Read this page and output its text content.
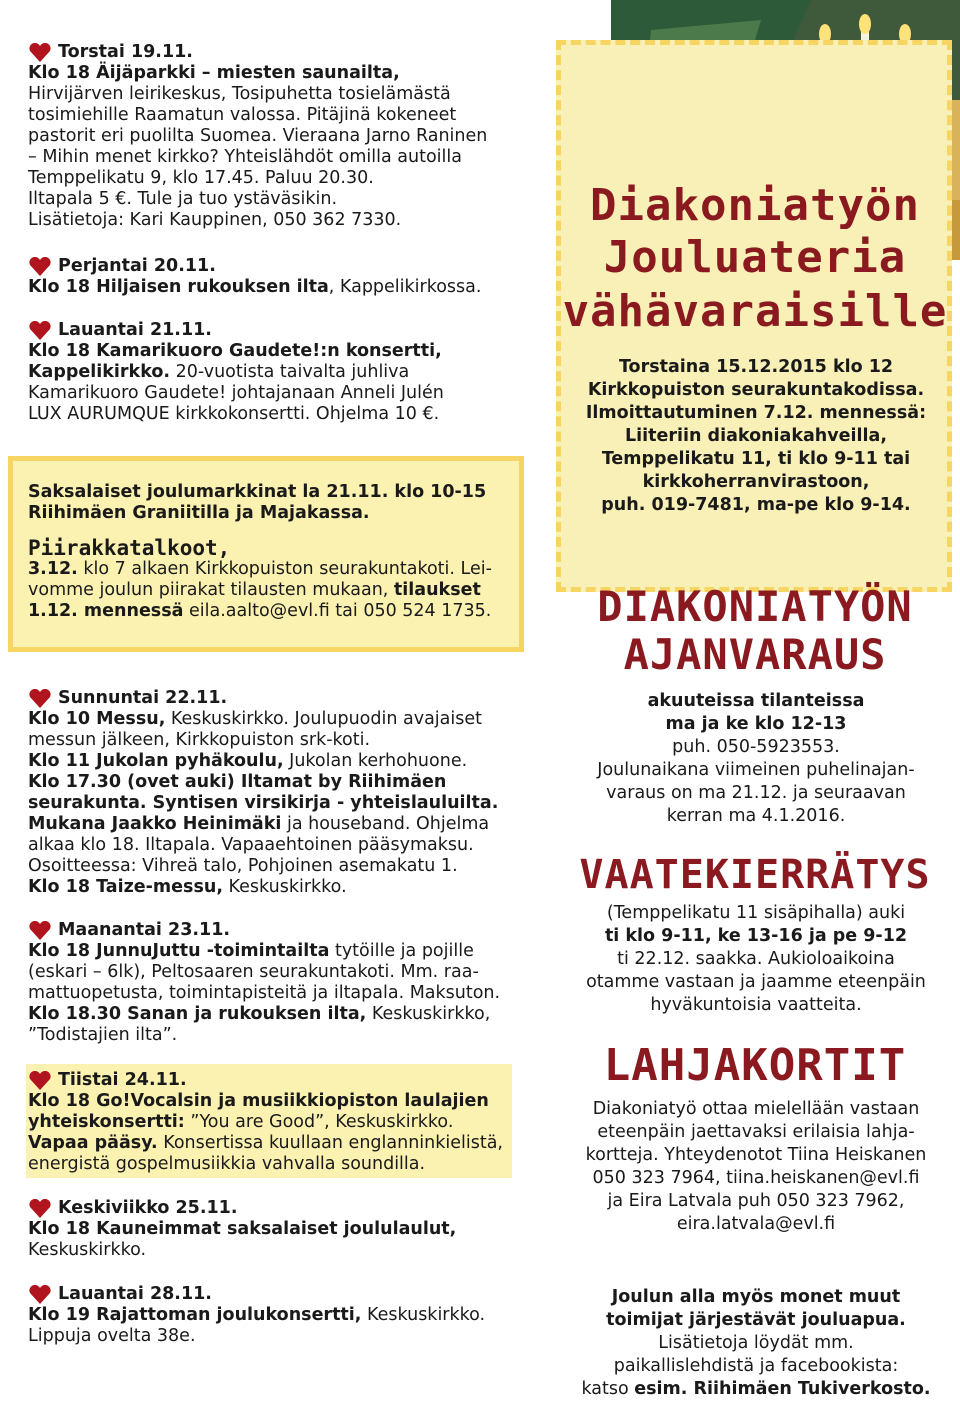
Torstai 19.11.
Klo 18 Äijäparkki – miesten saunailta,
Hirvijärven leirikeskus, Tosipuhetta tosielämästä
tosimiehille Raamatun valossa. Pitäjinä kokeneet
pastorit eri puolilta Suomea. Vieraana Jarno Raninen
– Mihin menet kirkko? Yhteislähdöt omilla autoilla
Temppelikatu 9, klo 17.45. Paluu 20.30.
Iltapala 5 €. Tule ja tuo ystäväsikin.
Lisätietoja: Kari Kauppinen, 050 362 7330.
Perjantai 20.11.
Klo 18 Hiljaisen rukouksen ilta, Kappelikirkossa.
Lauantai 21.11.
Klo 18 Kamarikuoro Gaudete!:n konsertti,
Kappelikirkko. 20-vuotista taivalta juhliva
Kamarikuoro Gaudete! johtajanaan Anneli Julén
LUX AURUMQUE kirkkokonsertti. Ohjelma 10 €.
Saksalaiset joulumarkkinat la 21.11. klo 10-15
Riihimäen Graniitilla ja Majakassa.
Piirakkatalkoot,
3.12. klo 7 alkaen Kirkkopuiston seurakuntakoti. Lei-
vomme joulun piirakat tilausten mukaan, tilaukset
1.12. mennessä eila.aalto@evl.fi tai 050 524 1735.
Sunnuntai 22.11.
Klo 10 Messu, Keskuskirkko. Joulupuodin avajaiset
messun jälkeen, Kirkkopuiston srk-koti.
Klo 11 Jukolan pyhäkoulu, Jukolan kerhohuone.
Klo 17.30 (ovet auki) Iltamat by Riihimäen
seurakunta. Syntisen virsikirja - yhteislauluilta.
Mukana Jaakko Heinimäki ja houseband. Ohjelma
alkaa klo 18. Iltapala. Vapaaehtoinen pääsymaksu.
Osoitteessa: Vihreä talo, Pohjoinen asemakatu 1.
Klo 18 Taize-messu, Keskuskirkko.
Maanantai 23.11.
Klo 18 JunnuJuttu -toimintailta tytöille ja pojille
(eskari – 6lk), Peltosaaren seurakuntakoti. Mm. raa-
mattuopetusta, toimintapisteitä ja iltapala. Maksuton.
Klo 18.30 Sanan ja rukouksen ilta, Keskuskirkko,
”Todistajien ilta”.
Tiistai 24.11.
Klo 18 Go!Vocalsin ja musiikkiopiston laulajien
yhteiskonsertti: ”You are Good”, Keskuskirkko.
Vapaa pääsy. Konsertissa kuullaan englanninkielistä,
energistä gospelmusiikkia vahvalla soundilla.
Keskiviikko 25.11.
Klo 18 Kauneimmat saksalaiset joululaulut,
Keskuskirkko.
Lauantai 28.11.
Klo 19 Rajattoman joulukonsertti, Keskuskirkko.
Lippuja ovelta 38e.
Diakoniatyön
Jouluateria
vähävaraisille
Torstaina 15.12.2015 klo 12
Kirkkopuiston seurakuntakodissa.
Ilmoittautuminen 7.12. mennessä:
Liiteriin diakoniakahveilla,
Temppelikatu 11, ti klo 9-11 tai
kirkkoherranvirastoon,
puh. 019-7481, ma-pe klo 9-14.
DIAKONIATYÖN
AJANVARAUS
akuuteissa tilanteissa
ma ja ke klo 12-13
puh. 050-5923553.
Joulunaikana viimeinen puhelinajan-
varaus on ma 21.12. ja seuraavan
kerran ma 4.1.2016.
VAATEKIERRÄTYS
(Temppelikatu 11 sisäpihalla) auki
ti klo 9-11, ke 13-16 ja pe 9-12
ti 22.12. saakka. Aukioloaikoina
otamme vastaan ja jaamme eteenpäin
hyväkuntoisia vaatteita.
LAHJAKORTIT
Diakoniatyö ottaa mielellään vastaan
eteenpäin jaettavaksi erilaisia lahja-
kortteja. Yhteydenotot Tiina Heiskanen
050 323 7964, tiina.heiskanen@evl.fi
ja Eira Latvala puh 050 323 7962,
eira.latvala@evl.fi
Joulun alla myös monet muut
toimijat järjestävät jouluapua.
Lisätietoja löydät mm.
paikallislehdistä ja facebookista:
katso esim. Riihimäen Tukiverkosto.
